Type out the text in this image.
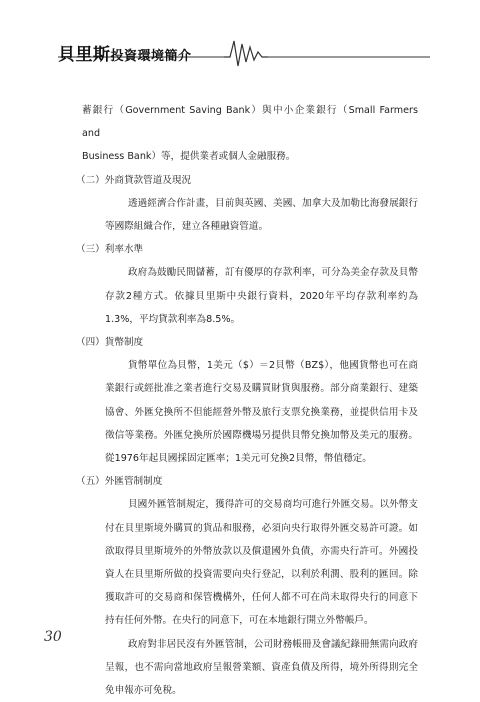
貝里斯投資環境簡介

蓄銀行（Government Saving Bank）與中小企業銀行（Small Farmers and
Business Bank）等，提供業者或個人金融服務。

（二）外商貸款管道及現況

透過經濟合作計畫，目前與英國、美國、加拿大及加勒比海發展銀行等國際組織合作，建立各種融資管道。

（三）利率水準

政府為鼓勵民間儲蓄，訂有優厚的存款利率，可分為美金存款及貝幣存款2種方式。依據貝里斯中央銀行資料，2020年平均存款利率約為1.3%，平均貸款利率為8.5%。

（四）貨幣制度

貨幣單位為貝幣，1美元（$）＝2貝幣（BZ$），他國貨幣也可在商業銀行或經批准之業者進行交易及購買財貨與服務。部分商業銀行、建築協會、外匯兌換所不但能經營外幣及旅行支票兌換業務，並提供信用卡及徵信等業務。外匯兌換所於國際機場另提供貝幣兌換加幣及美元的服務。從1976年起貝國採固定匯率；1美元可兌換2貝幣，幣值穩定。

（五）外匯管制制度

貝國外匯管制規定，獲得許可的交易商均可進行外匯交易。以外幣支付在貝里斯境外購買的貨品和服務，必須向央行取得外匯交易許可證。如欲取得貝里斯境外的外幣放款以及償還國外負債，亦需央行許可。外國投資人在貝里斯所做的投資需要向央行登記，以利於利潤、股利的匯回。除獲取許可的交易商和保管機構外，任何人都不可在尚未取得央行的同意下持有任何外幣。在央行的同意下，可在本地銀行開立外幣帳戶。

政府對非居民沒有外匯管制，公司財務帳冊及會議紀錄冊無需向政府呈報，也不需向當地政府呈報營業額、資產負債及所得，境外所得則完全免申報亦可免稅。

30
